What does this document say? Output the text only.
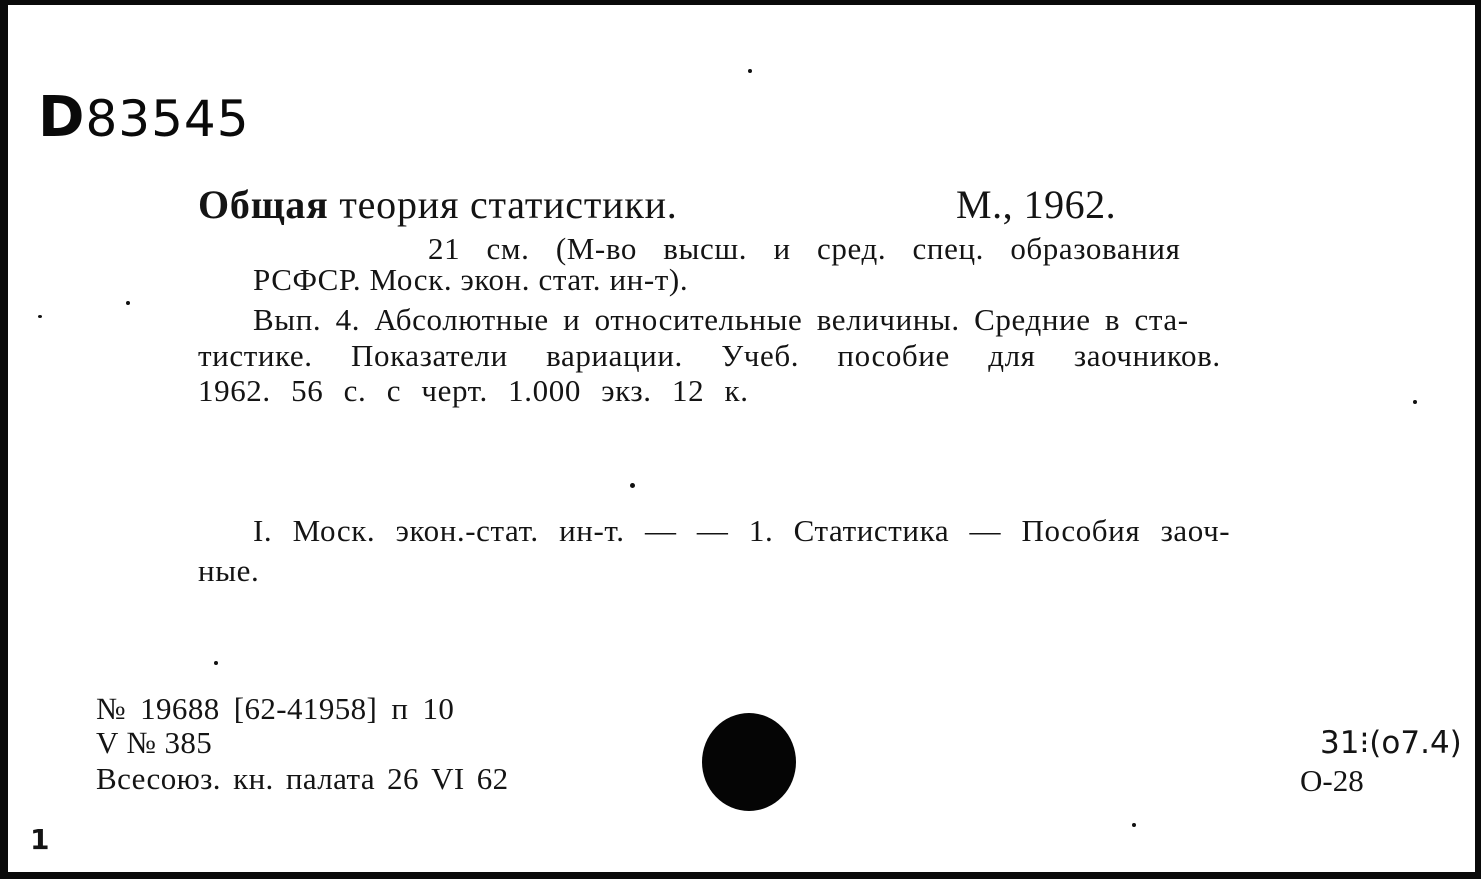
D83545
Общая теория статистики.	М., 1962.
21 см. (М-во высш. и сред. спец. образования
РСФСР. Моск. экон. стат. ин-т).
Вып. 4. Абсолютные и относительные величины. Средние в ста-
тистике. Показатели вариации. Учеб. пособие для заочников.
1962. 56 с. с черт. 1.000 экз. 12 к.
I. Моск. экон.-стат. ин-т. — — 1. Статистика — Пособия заоч-
ные.
№ 19688 [62-41958] п 10
V № 385
Всесоюз. кн. палата 26 VI 62
31⁝(o7.4)
О-28
1
